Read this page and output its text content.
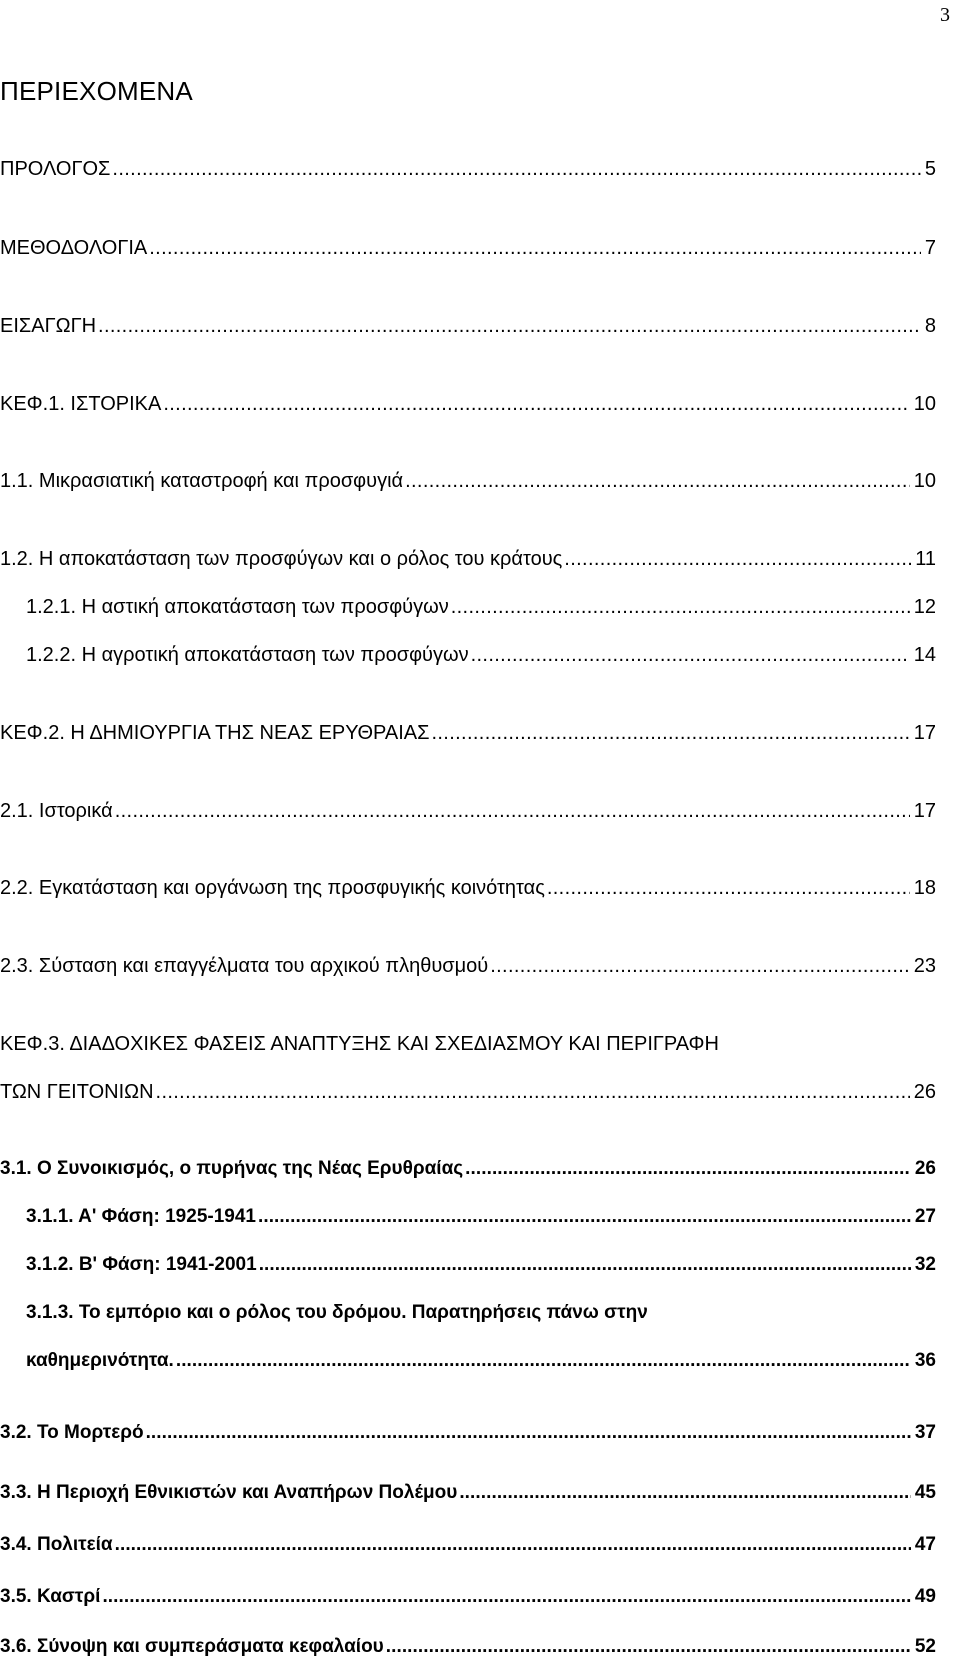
3
ΠΕΡΙΕΧΟΜΕΝΑ
ΠΡΟΛΟΓΟΣ . . .	5
ΜΕΘΟΔΟΛΟΓΙΑ . . .	7
ΕΙΣΑΓΩΓΗ . . .	8
ΚΕΦ.1. ΙΣΤΟΡΙΚΑ . . .	10
1.1. Μικρασιατική καταστροφή και προσφυγιά . . .	10
1.2. Η αποκατάσταση των προσφύγων και ο ρόλος του κράτους . . .	11
1.2.1. Η αστική αποκατάσταση των προσφύγων . . .	12
1.2.2. Η αγροτική αποκατάσταση των προσφύγων . . .	14
ΚΕΦ.2. Η ΔΗΜΙΟΥΡΓΙΑ ΤΗΣ ΝΕΑΣ ΕΡΥΘΡΑΙΑΣ . . .	17
2.1. Ιστορικά . . .	17
2.2. Εγκατάσταση και οργάνωση της προσφυγικής κοινότητας . . .	18
2.3. Σύσταση και επαγγέλματα του αρχικού πληθυσμού . . .	23
ΚΕΦ.3. ΔΙΑΔΟΧΙΚΕΣ ΦΑΣΕΙΣ ΑΝΑΠΤΥΞΗΣ ΚΑΙ ΣΧΕΔΙΑΣΜΟΥ ΚΑΙ ΠΕΡΙΓΡΑΦΗ
ΤΩΝ ΓΕΙΤΟΝΙΩΝ . . .	26
3.1. Ο Συνοικισμός, ο πυρήνας της Νέας Ερυθραίας . . .	26
3.1.1. Α' Φάση: 1925-1941 . . .	27
3.1.2. Β' Φάση: 1941-2001 . . .	32
3.1.3. Το εμπόριο και ο ρόλος του δρόμου. Παρατηρήσεις πάνω στην
καθημερινότητα. . . .	36
3.2. Το Μορτερό . . .	37
3.3. Η Περιοχή Εθνικιστών και Αναπήρων Πολέμου . . .	45
3.4. Πολιτεία . . .	47
3.5. Καστρί . . .	49
3.6. Σύνοψη και συμπεράσματα κεφαλαίου . . .	52
